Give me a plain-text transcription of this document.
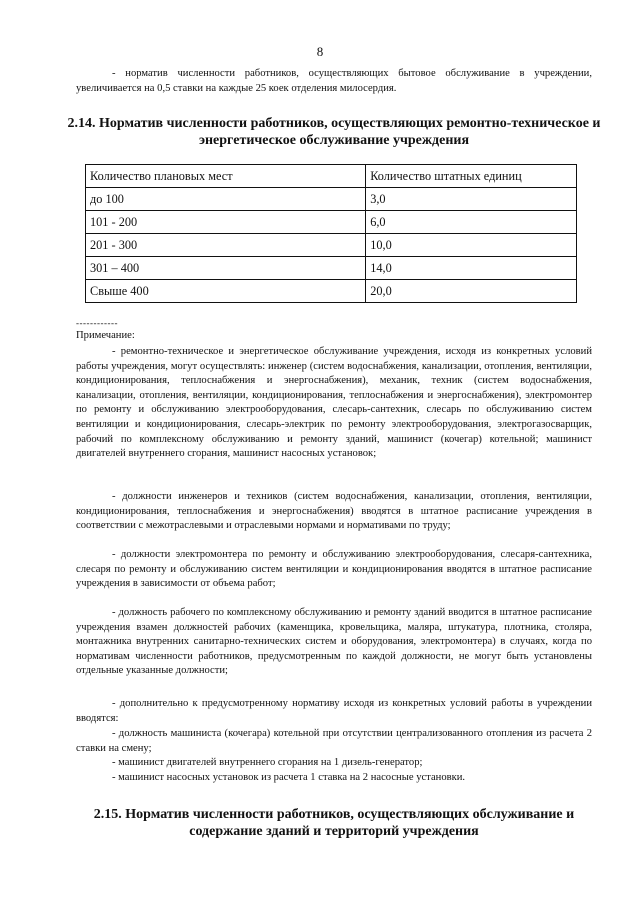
8

- норматив численности работников, осуществляющих бытовое обслуживание в учреждении, увеличивается на 0,5 ставки на каждые 25 коек отделения милосердия.

2.14. Норматив численности работников, осуществляющих ремонтно-техническое и энергетическое обслуживание учреждения
Количество плановых мест	Количество штатных единиц
до 100	3,0
101 - 200	6,0
201 - 300	10,0
301 – 400	14,0
Свыше 400	20,0
------------
Примечание:

- ремонтно-техническое и энергетическое обслуживание учреждения, исходя из конкретных условий работы учреждения, могут осуществлять: инженер (систем водоснабжения, канализации, отопления, вентиляции, кондиционирования, теплоснабжения и энергоснабжения), механик, техник (систем водоснабжения, канализации, отопления, вентиляции, кондиционирования, теплоснабжения и энергоснабжения), электромонтер по ремонту и обслуживанию электрооборудования, слесарь-сантехник, слесарь по обслуживанию систем вентиляции и кондиционирования, слесарь-электрик по ремонту электрооборудования, электрогазосварщик, рабочий по комплексному обслуживанию и ремонту зданий, машинист (кочегар) котельной; машинист двигателей внутреннего сгорания, машинист насосных установок;

- должности инженеров и техников (систем водоснабжения, канализации, отопления, вентиляции, кондиционирования, теплоснабжения и энергоснабжения) вводятся в штатное расписание учреждения в соответствии с межотраслевыми и отраслевыми нормами и нормативами по труду;

- должности электромонтера по ремонту и обслуживанию электрооборудования, слесаря-сантехника, слесаря по ремонту и обслуживанию систем вентиляции и кондиционирования вводятся в штатное расписание учреждения в зависимости от объема работ;

- должность рабочего по комплексному обслуживанию и ремонту зданий вводится в штатное расписание учреждения взамен должностей рабочих (каменщика, кровельщика, маляра, штукатура, плотника, столяра, монтажника внутренних санитарно-технических систем и оборудования, электромонтера) в случаях, когда по нормативам численности работников, предусмотренным по каждой должности, не могут быть установлены отдельные указанные должности;

- дополнительно к предусмотренному нормативу исходя из конкретных условий работы в учреждении вводятся:

- должность машиниста (кочегара) котельной при отсутствии централизованного отопления из расчета 2 ставки на смену;

- машинист двигателей внутреннего сгорания на 1 дизель-генератор;

- машинист насосных установок из расчета 1 ставка на 2 насосные установки.

2.15. Норматив численности работников, осуществляющих обслуживание и содержание зданий и территорий учреждения
